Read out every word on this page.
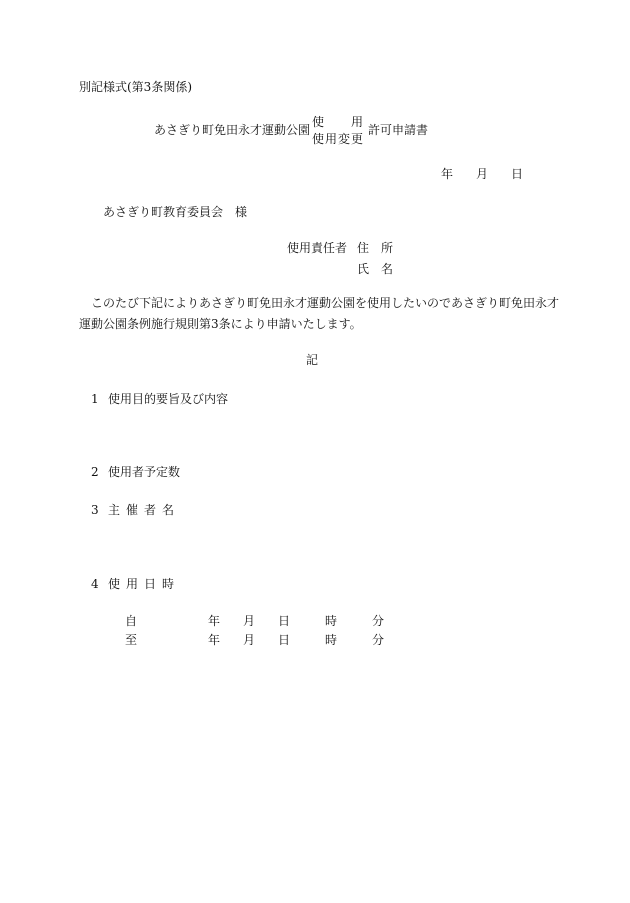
別記様式(第3条関係)
あさぎり町免田永才運動公園
使 用
使用変更
許可申請書
年 月 日
あさぎり町教育委員会　様
使用責任者 住　所
氏　名
このたび下記によりあさぎり町免田永才運動公園を使用したいのであさぎり町免田永才
運動公園条例施行規則第3条により申請いたします。
記
1 使用目的要旨及び内容
2 使用者予定数
3 主催者名
4 使用日時
自	年 月 日	時	分
至	年 月 日	時	分
